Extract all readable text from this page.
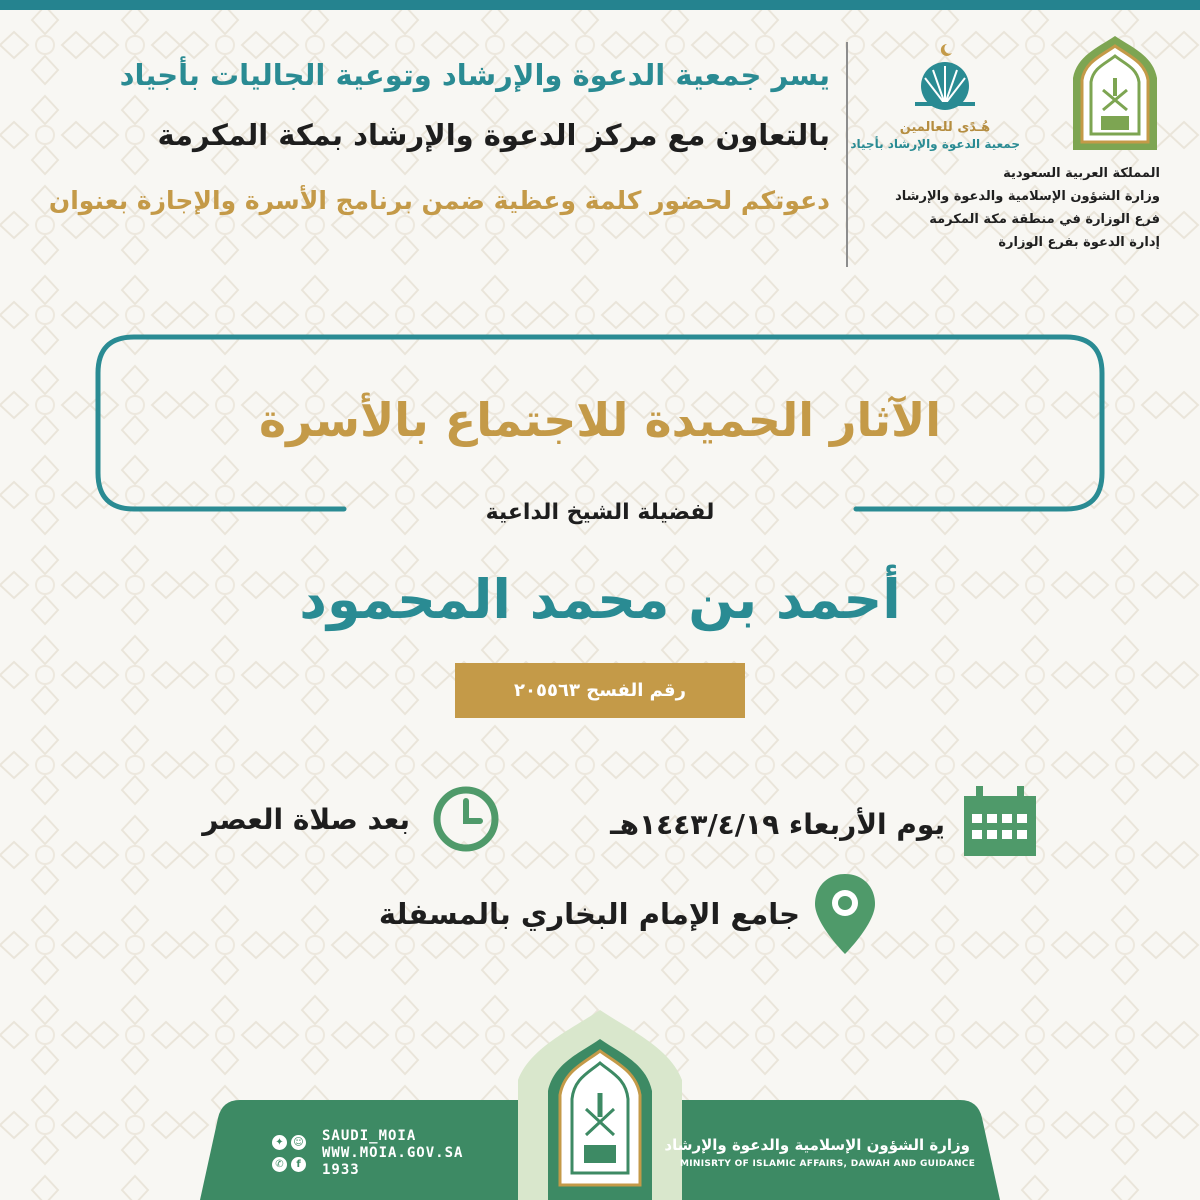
يسر جمعية الدعوة والإرشاد وتوعية الجاليات بأجياد

بالتعاون مع مركز الدعوة والإرشاد بمكة المكرمة

دعوتكم لحضور كلمة وعظية ضمن برنامج الأسرة والإجازة بعنوان

هُـدًى للعالمين
جمعية الدعوة والإرشاد بأجياد
المملكة العربية السعودية
وزارة الشؤون الإسلامية والدعوة والإرشاد
فرع الوزارة في منطقة مكة المكرمة
إدارة الدعوة بفرع الوزارة
الآثار الحميدة للاجتماع بالأسرة
لفضيلة الشيخ الداعية
أحمد بن محمد المحمود
رقم الفسح ٢٠٥٥٦٣
يوم الأربعاء ١٤٤٣/٤/١٩هـ
بعد صلاة العصر
جامع الإمام البخاري بالمسفلة
☺✦f✆
SAUDI_MOIA
WWW.MOIA.GOV.SA
1933
وزارة الشؤون الإسلامية والدعوة والإرشاد
MINISRTY OF ISLAMIC AFFAIRS, DAWAH AND GUIDANCE
